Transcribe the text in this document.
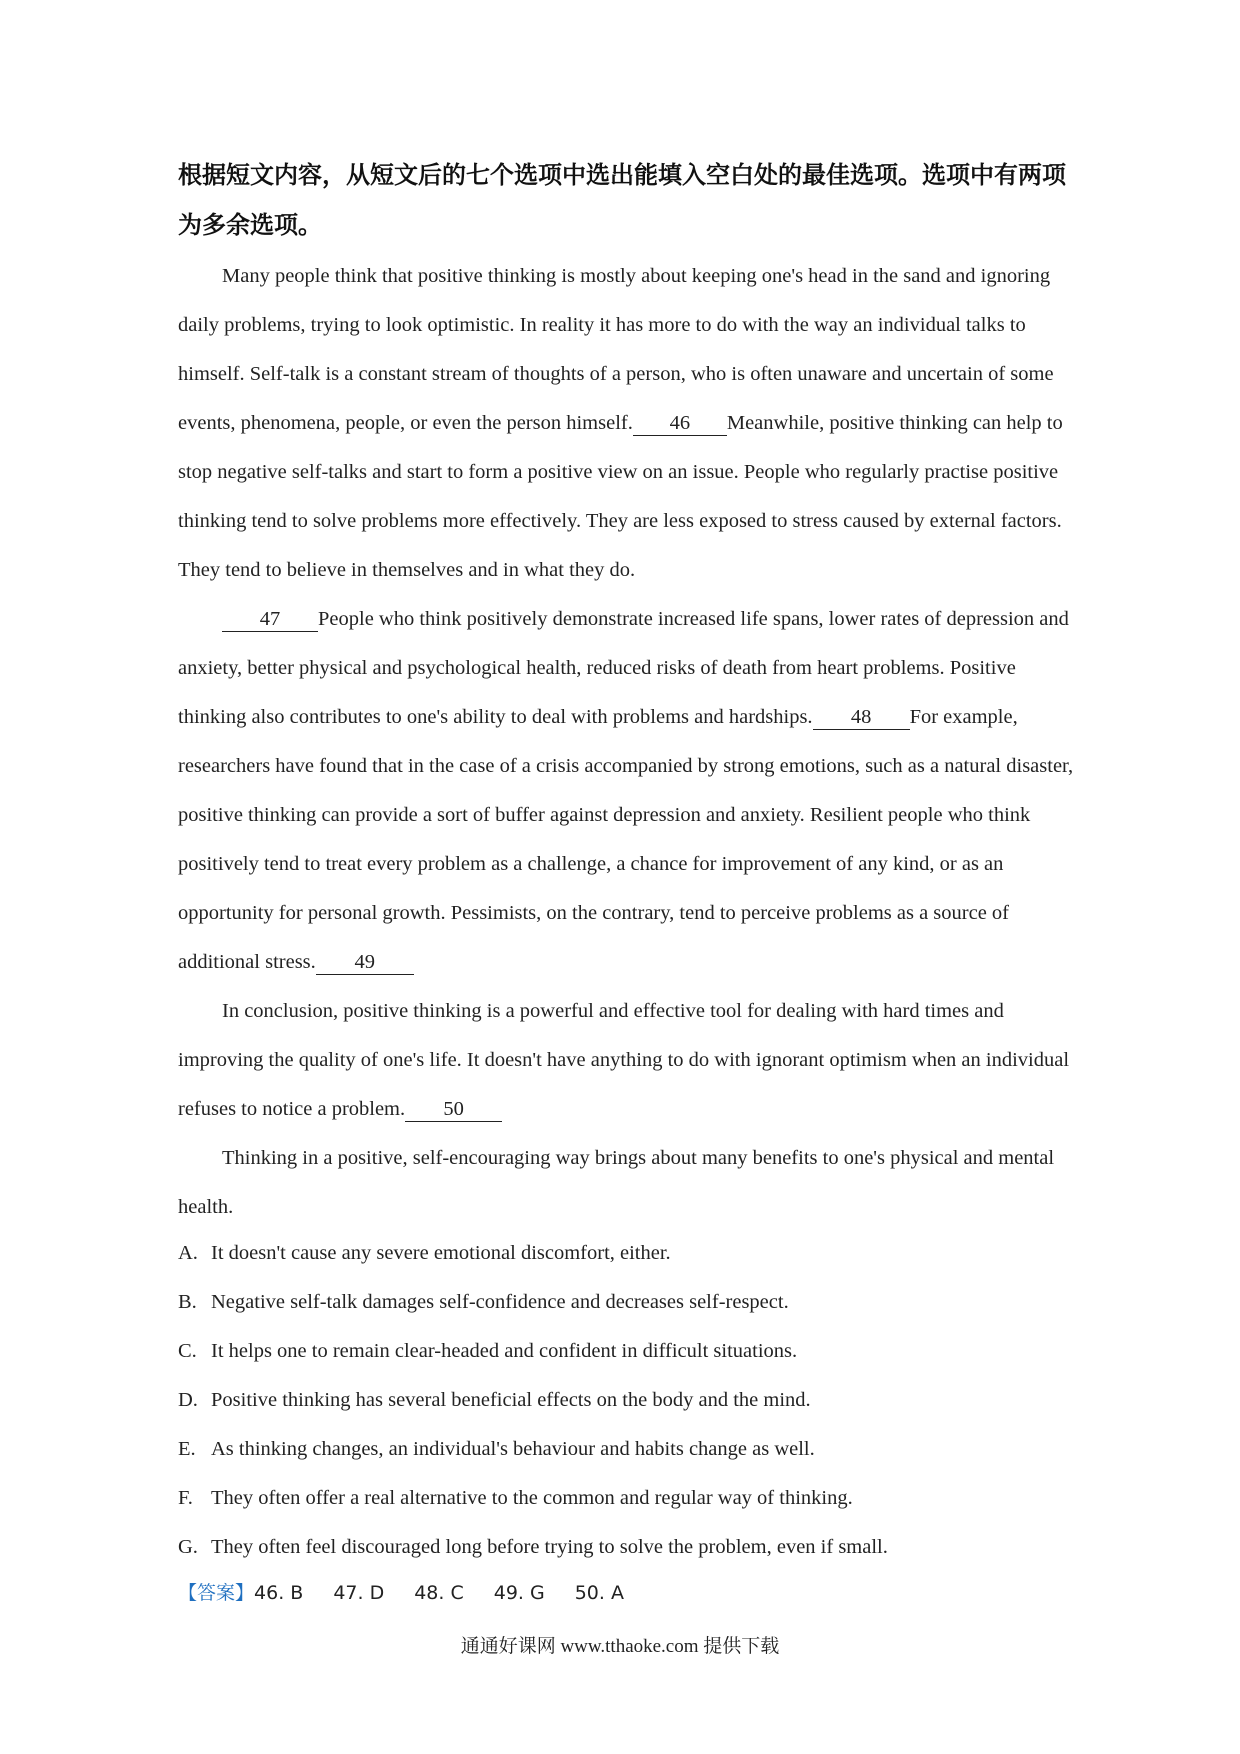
根据短文内容，从短文后的七个选项中选出能填入空白处的最佳选项。选项中有两项为多余选项。

Many people think that positive thinking is mostly about keeping one's head in the sand and ignoring daily problems, trying to look optimistic. In reality it has more to do with the way an individual talks to himself. Self-talk is a constant stream of thoughts of a person, who is often unaware and uncertain of some events, phenomena, people, or even the person himself. 46 Meanwhile, positive thinking can help to stop negative self-talks and start to form a positive view on an issue. People who regularly practise positive thinking tend to solve problems more effectively. They are less exposed to stress caused by external factors. They tend to believe in themselves and in what they do.

47 People who think positively demonstrate increased life spans, lower rates of depression and anxiety, better physical and psychological health, reduced risks of death from heart problems. Positive thinking also contributes to one's ability to deal with problems and hardships. 48 For example, researchers have found that in the case of a crisis accompanied by strong emotions, such as a natural disaster, positive thinking can provide a sort of buffer against depression and anxiety. Resilient people who think positively tend to treat every problem as a challenge, a chance for improvement of any kind, or as an opportunity for personal growth. Pessimists, on the contrary, tend to perceive problems as a source of additional stress. 49

In conclusion, positive thinking is a powerful and effective tool for dealing with hard times and improving the quality of one's life. It doesn't have anything to do with ignorant optimism when an individual refuses to notice a problem. 50

Thinking in a positive, self-encouraging way brings about many benefits to one's physical and mental health.

A. It doesn't cause any severe emotional discomfort, either.
B. Negative self-talk damages self-confidence and decreases self-respect.
C. It helps one to remain clear-headed and confident in difficult situations.
D. Positive thinking has several beneficial effects on the body and the mind.
E. As thinking changes, an individual's behaviour and habits change as well.
F. They often offer a real alternative to the common and regular way of thinking.
G. They often feel discouraged long before trying to solve the problem, even if small.
【答案】46. B 47. D 48. C 49. G 50. A
通通好课网 www.tthaoke.com 提供下载
